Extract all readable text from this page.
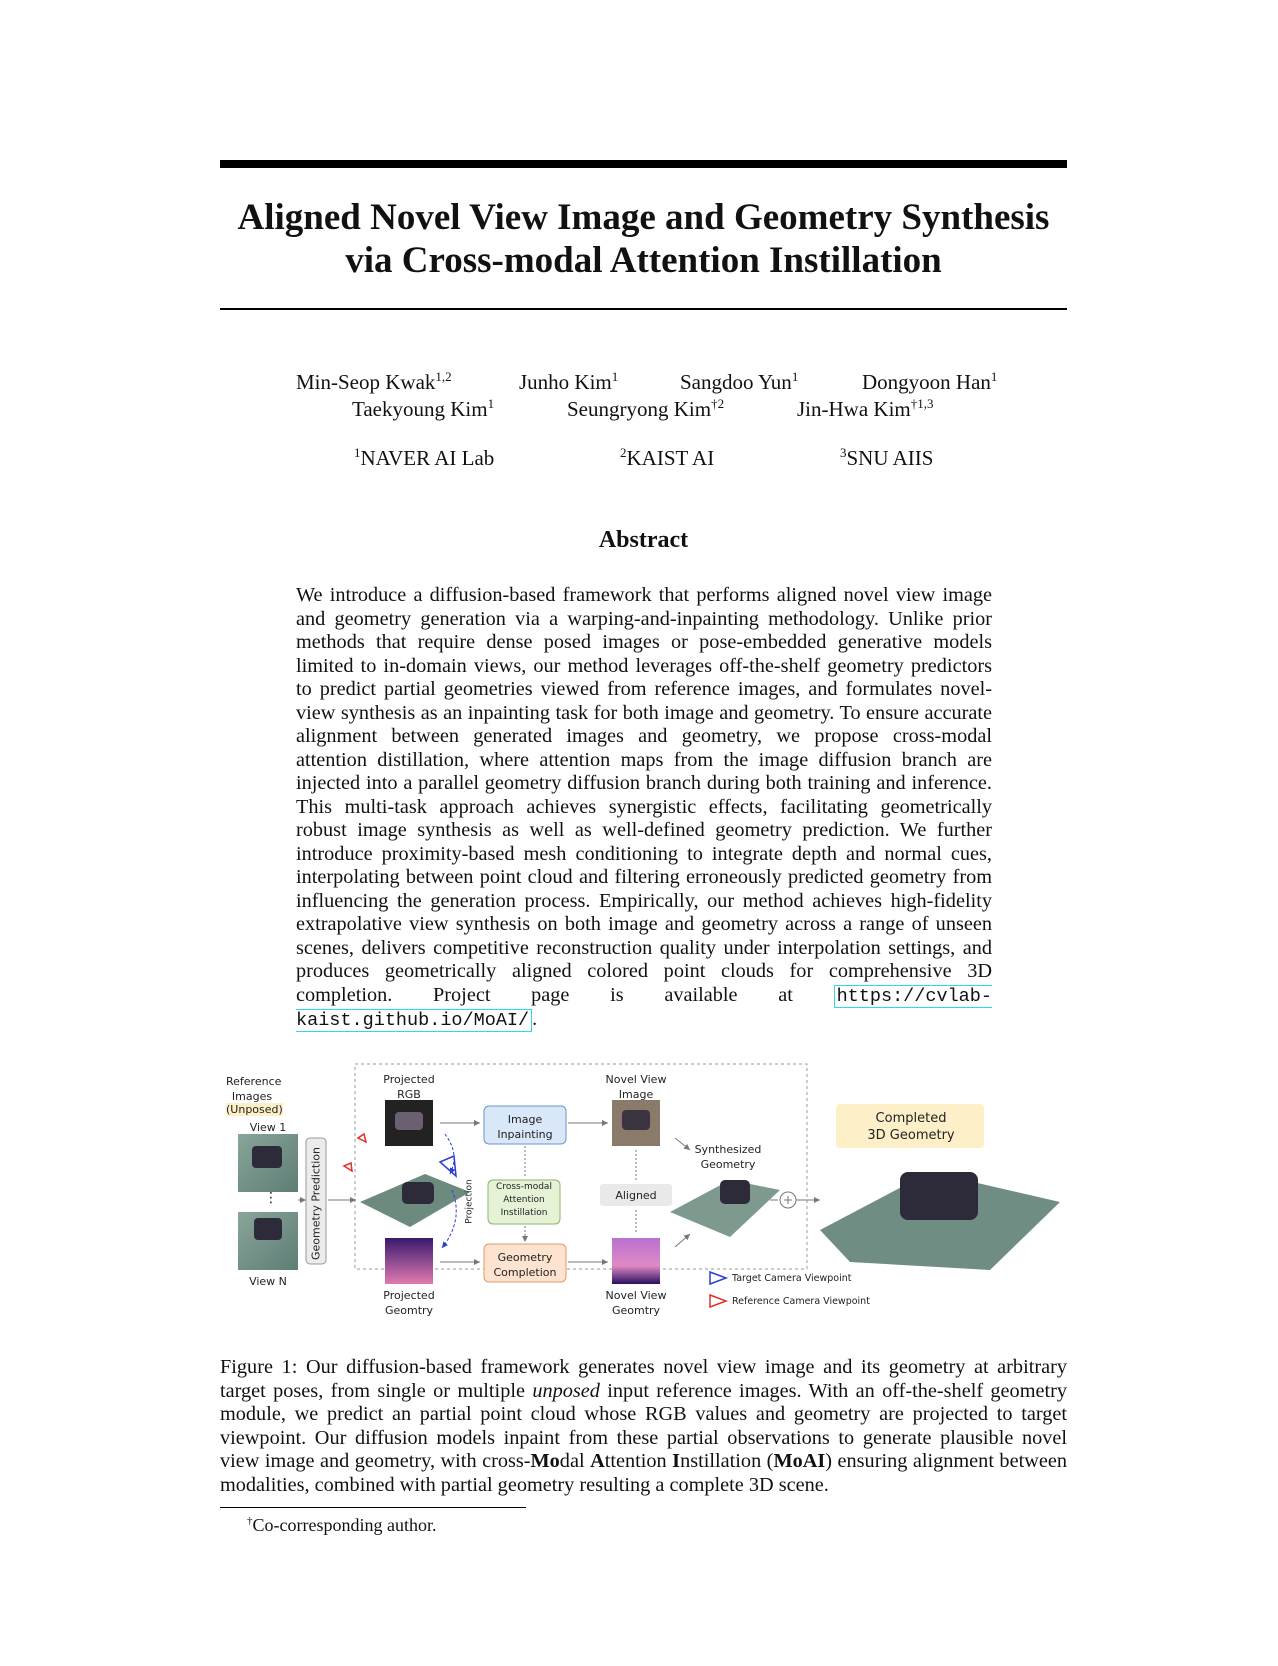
Aligned Novel View Image and Geometry Synthesis
via Cross-modal Attention Instillation
Min-Seop Kwak$^{1,2}$	Junho Kim$^1$	Sangdoo Yun$^1$	Dongyoon Han$^1$
Taekyoung Kim$^1$	Seungryong Kim$^{\dagger 2}$	Jin-Hwa Kim$^{\dagger 1,3}$
$^1$NAVER AI Lab	$^2$KAIST AI	$^3$SNU AIIS
Abstract
We introduce a diffusion-based framework that performs aligned novel view image and geometry generation via a warping-and-inpainting methodology. Unlike prior methods that require dense posed images or pose-embedded generative models limited to in-domain views, our method leverages off-the-shelf geometry predictors to predict partial geometries viewed from reference images, and formulates novel-view synthesis as an inpainting task for both image and geometry. To ensure accurate alignment between generated images and geometry, we propose cross-modal attention distillation, where attention maps from the image diffusion branch are injected into a parallel geometry diffusion branch during both training and inference. This multi-task approach achieves synergistic effects, facilitating geometrically robust image synthesis as well as well-defined geometry prediction. We further introduce proximity-based mesh conditioning to integrate depth and normal cues, interpolating between point cloud and filtering erroneously predicted geometry from influencing the generation process. Empirically, our method achieves high-fidelity extrapolative view synthesis on both image and geometry across a range of unseen scenes, delivers competitive reconstruction quality under interpolation settings, and produces geometrically aligned colored point clouds for comprehensive 3D completion. Project page is available at https://cvlab-kaist.github.io/MoAI/ .
Reference Images
(Unposed)
View 1
⋮
View N
Geometry Prediction	Projection
Projected RGB
Projected Geomtry
Image Inpainting
Cross-modal Attention Instillation
Geometry Completion
Novel View Image
Novel View Geomtry
Aligned
Synthesized Geometry
Completed 3D Geometry
Target Camera Viewpoint
Reference Camera Viewpoint
Figure 1: Our diffusion-based framework generates novel view image and its geometry at arbitrary target poses, from single or multiple unposed input reference images. With an off-the-shelf geometry module, we predict an partial point cloud whose RGB values and geometry are projected to target viewpoint. Our diffusion models inpaint from these partial observations to generate plausible novel view image and geometry, with cross-Modal Attention Instillation (MoAI) ensuring alignment between modalities, combined with partial geometry resulting a complete 3D scene.
†Co-corresponding author.
